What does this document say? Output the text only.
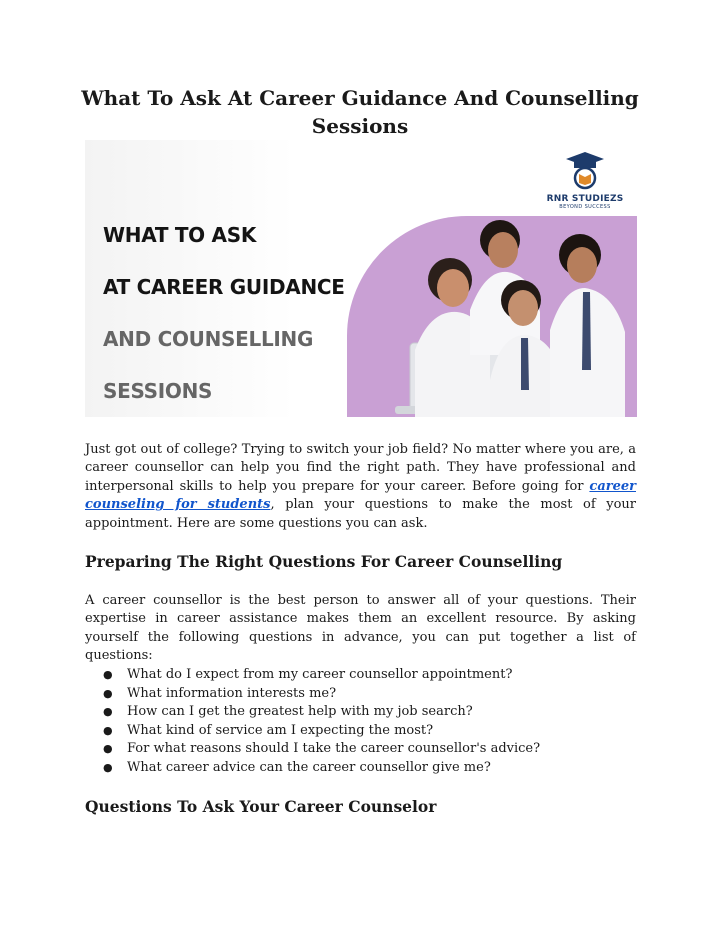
What To Ask At Career Guidance And Counselling Sessions

WHAT TO ASK

AT CAREER GUIDANCE

AND COUNSELLING

SESSIONS

RNR STUDIEZS
BEYOND SUCCESS

Just got out of college? Trying to switch your job field? No matter where you are, a career counsellor can help you find the right path. They have professional and interpersonal skills to help you prepare for your career. Before going for career counseling for students, plan your questions to make the most of your appointment. Here are some questions you can ask.

Preparing The Right Questions For Career Counselling

A career counsellor is the best person to answer all of your questions. Their expertise in career assistance makes them an excellent resource. By asking yourself the following questions in advance, you can put together a list of questions:

● What do I expect from my career counsellor appointment?
● What information interests me?
● How can I get the greatest help with my job search?
● What kind of service am I expecting the most?
● For what reasons should I take the career counsellor's advice?
● What career advice can the career counsellor give me?
Questions To Ask Your Career Counselor
